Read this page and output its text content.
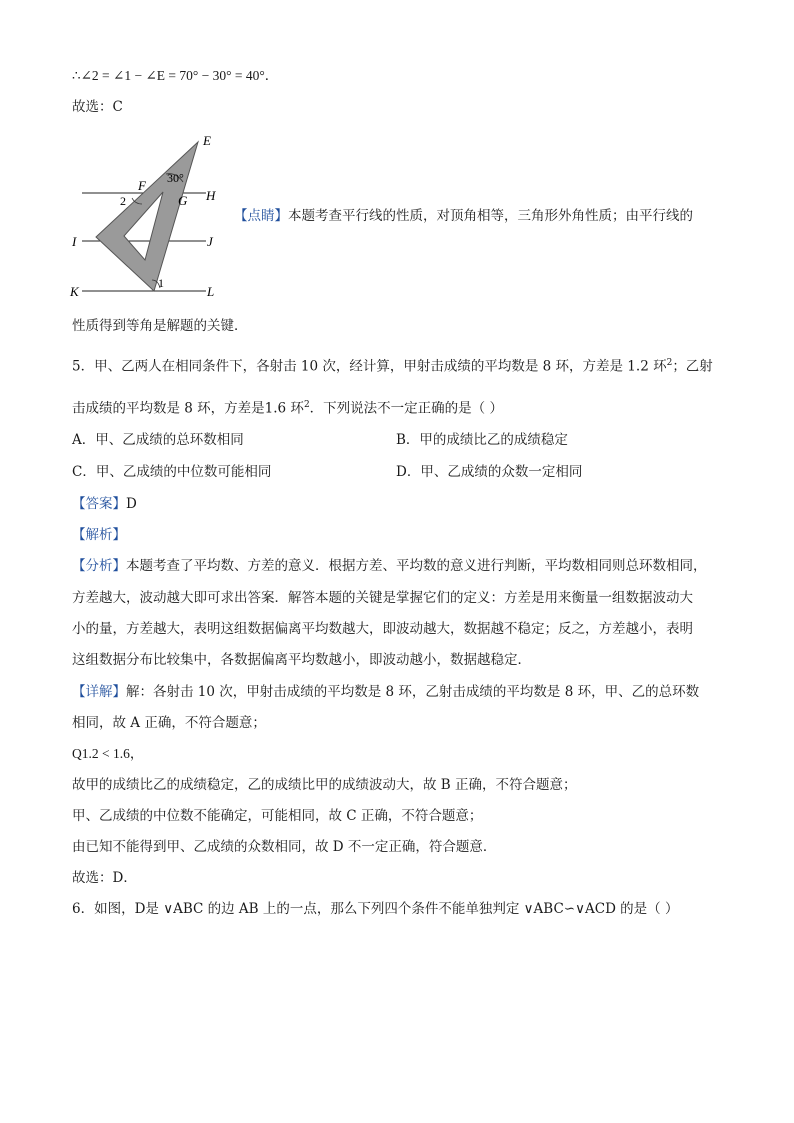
∴∠2 = ∠1 − ∠E = 70° − 30° = 40°．
故选：C
E
F
G H
I	J
K	L
2
1
30°
【点睛】本题考查平行线的性质，对顶角相等，三角形外角性质；由平行线的
性质得到等角是解题的关键．
5．甲、乙两人在相同条件下，各射击 10 次，经计算，甲射击成绩的平均数是 8 环，方差是 1.2 环$^2$；乙射
击成绩的平均数是 8 环，方差是1.6 环$^2$．下列说法不一定正确的是（ ）
A．甲、乙成绩的总环数相同	B．甲的成绩比乙的成绩稳定
C．甲、乙成绩的中位数可能相同	D．甲、乙成绩的众数一定相同
【答案】D
【解析】
【分析】本题考查了平均数、方差的意义．根据方差、平均数的意义进行判断，平均数相同则总环数相同，
方差越大，波动越大即可求出答案．解答本题的关键是掌握它们的定义：方差是用来衡量一组数据波动大
小的量，方差越大，表明这组数据偏离平均数越大，即波动越大，数据越不稳定；反之，方差越小，表明
这组数据分布比较集中，各数据偏离平均数越小，即波动越小，数据越稳定．
【详解】解：各射击 10 次，甲射击成绩的平均数是 8 环，乙射击成绩的平均数是 8 环，甲、乙的总环数
相同，故 A 正确，不符合题意；
Q1.2 < 1.6，
故甲的成绩比乙的成绩稳定，乙的成绩比甲的成绩波动大，故 B 正确，不符合题意；
甲、乙成绩的中位数不能确定，可能相同，故 C 正确，不符合题意；
由已知不能得到甲、乙成绩的众数相同，故 D 不一定正确，符合题意．
故选：D．
6．如图，D是 ∨ABC 的边 AB 上的一点，那么下列四个条件不能单独判定 ∨ABC∽∨ACD 的是（ ）
